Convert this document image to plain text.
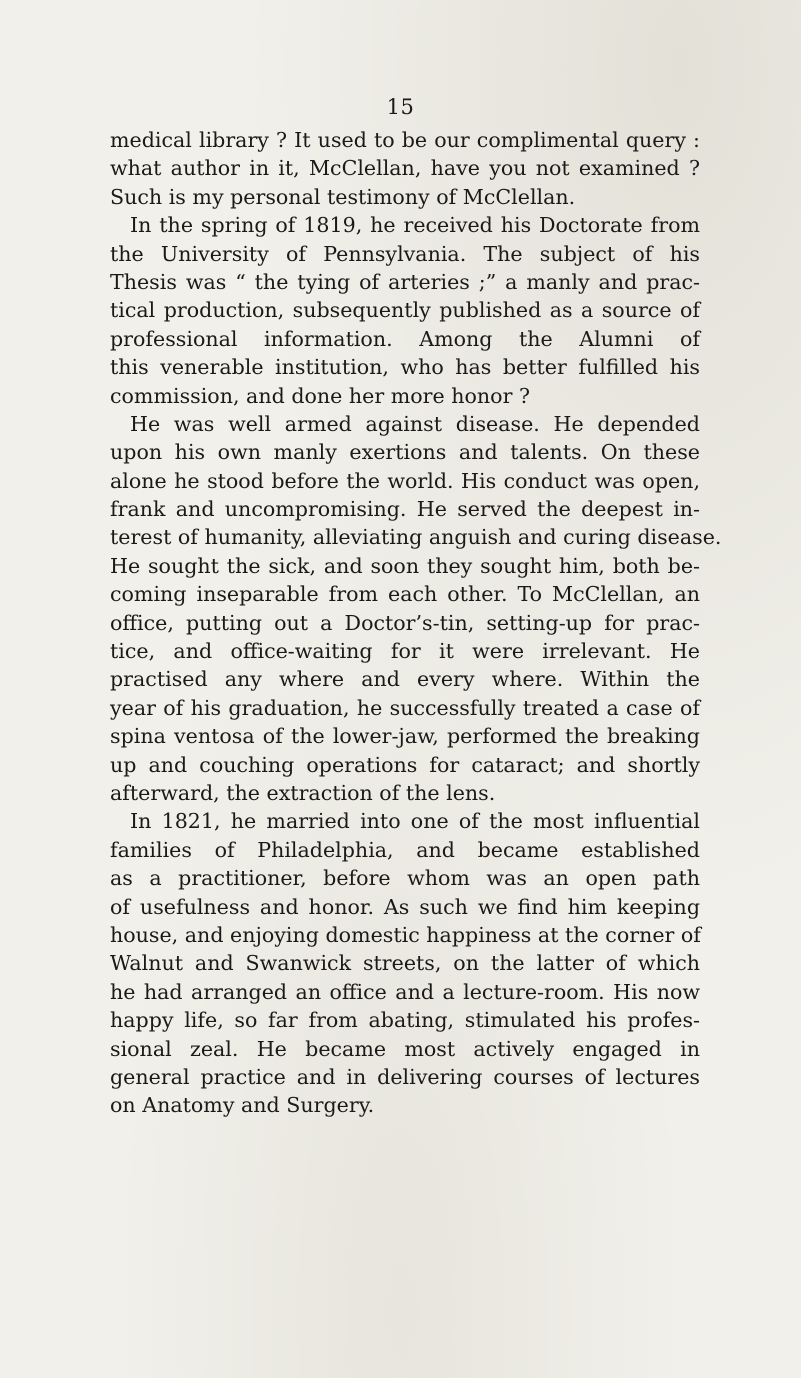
15
medical library ? It used to be our complimental query :
what author in it, McClellan, have you not examined ?
Such is my personal testimony of McClellan.
In the spring of 1819, he received his Doctorate from
the University of Pennsylvania. The subject of his
Thesis was “ the tying of arteries ;” a manly and prac-
tical production, subsequently published as a source of
professional information. Among the Alumni of
this venerable institution, who has better fulfilled his
commission, and done her more honor ?
He was well armed against disease. He depended
upon his own manly exertions and talents. On these
alone he stood before the world. His conduct was open,
frank and uncompromising. He served the deepest in-
terest of humanity, alleviating anguish and curing disease.
He sought the sick, and soon they sought him, both be-
coming inseparable from each other. To McClellan, an
office, putting out a Doctor’s-tin, setting-up for prac-
tice, and office-waiting for it were irrelevant. He
practised any where and every where. Within the
year of his graduation, he successfully treated a case of
spina ventosa of the lower-jaw, performed the breaking
up and couching operations for cataract; and shortly
afterward, the extraction of the lens.
In 1821, he married into one of the most influential
families of Philadelphia, and became established
as a practitioner, before whom was an open path
of usefulness and honor. As such we find him keeping
house, and enjoying domestic happiness at the corner of
Walnut and Swanwick streets, on the latter of which
he had arranged an office and a lecture-room. His now
happy life, so far from abating, stimulated his profes-
sional zeal. He became most actively engaged in
general practice and in delivering courses of lectures
on Anatomy and Surgery.
